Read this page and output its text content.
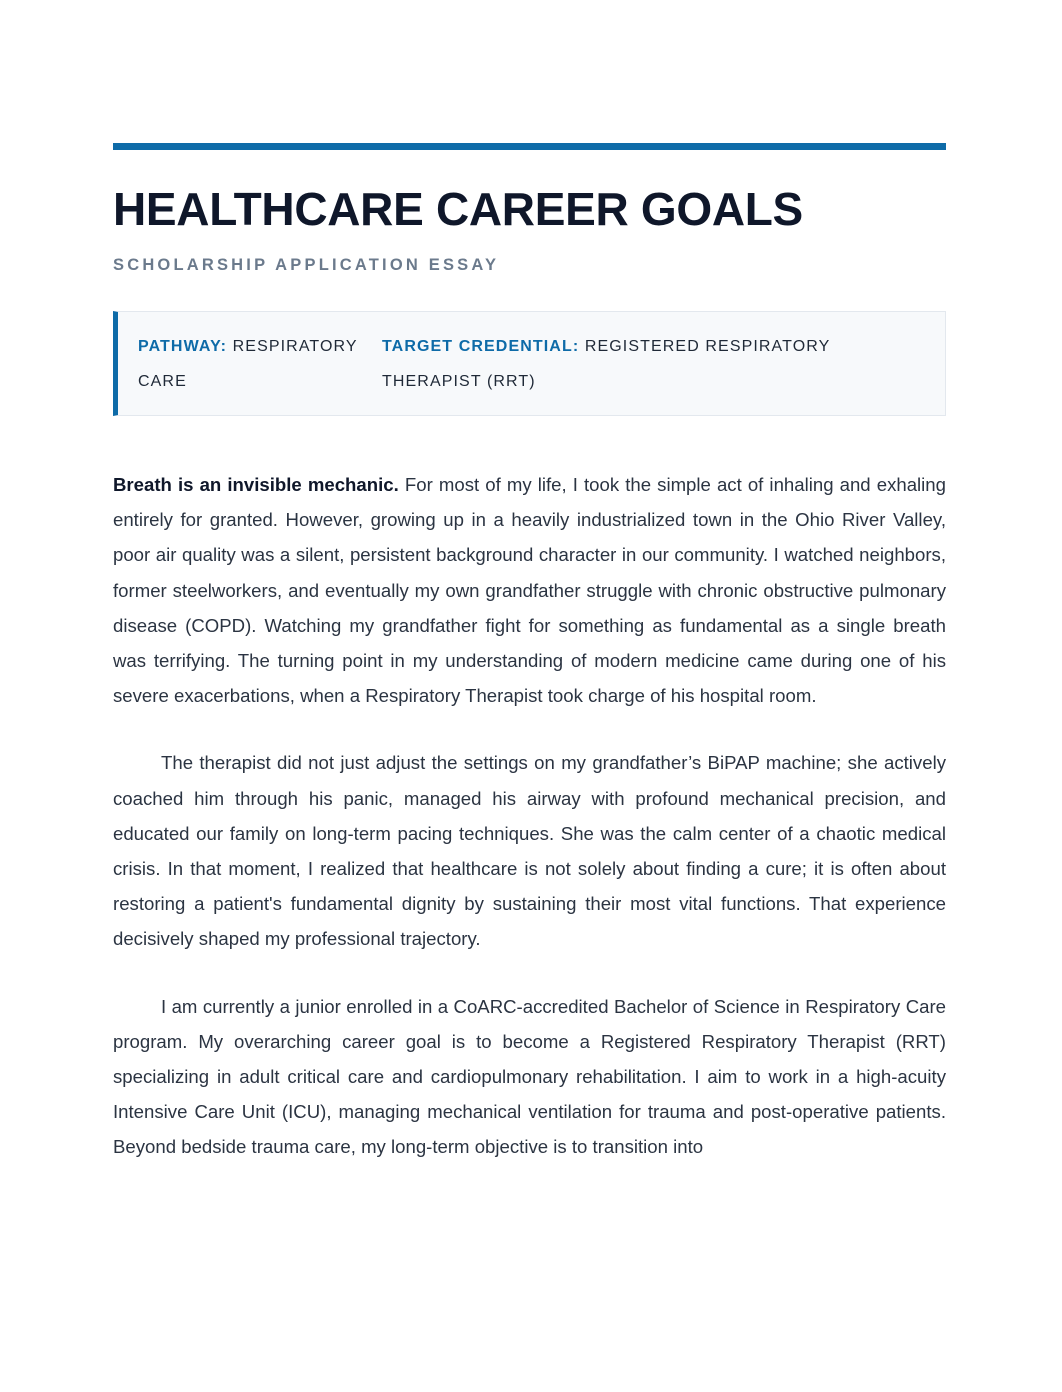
HEALTHCARE CAREER GOALS
SCHOLARSHIP APPLICATION ESSAY
PATHWAY: RESPIRATORY CARE
TARGET CREDENTIAL: REGISTERED RESPIRATORY THERAPIST (RRT)

Breath is an invisible mechanic. For most of my life, I took the simple act of inhaling and exhaling entirely for granted. However, growing up in a heavily industrialized town in the Ohio River Valley, poor air quality was a silent, persistent background character in our community. I watched neighbors, former steelworkers, and eventually my own grandfather struggle with chronic obstructive pulmonary disease (COPD). Watching my grandfather fight for something as fundamental as a single breath was terrifying. The turning point in my understanding of modern medicine came during one of his severe exacerbations, when a Respiratory Therapist took charge of his hospital room.

The therapist did not just adjust the settings on my grandfather’s BiPAP machine; she actively coached him through his panic, managed his airway with profound mechanical precision, and educated our family on long-term pacing techniques. She was the calm center of a chaotic medical crisis. In that moment, I realized that healthcare is not solely about finding a cure; it is often about restoring a patient's fundamental dignity by sustaining their most vital functions. That experience decisively shaped my professional trajectory.

I am currently a junior enrolled in a CoARC-accredited Bachelor of Science in Respiratory Care program. My overarching career goal is to become a Registered Respiratory Therapist (RRT) specializing in adult critical care and cardiopulmonary rehabilitation. I aim to work in a high-acuity Intensive Care Unit (ICU), managing mechanical ventilation for trauma and post-operative patients. Beyond bedside trauma care, my long-term objective is to transition into
